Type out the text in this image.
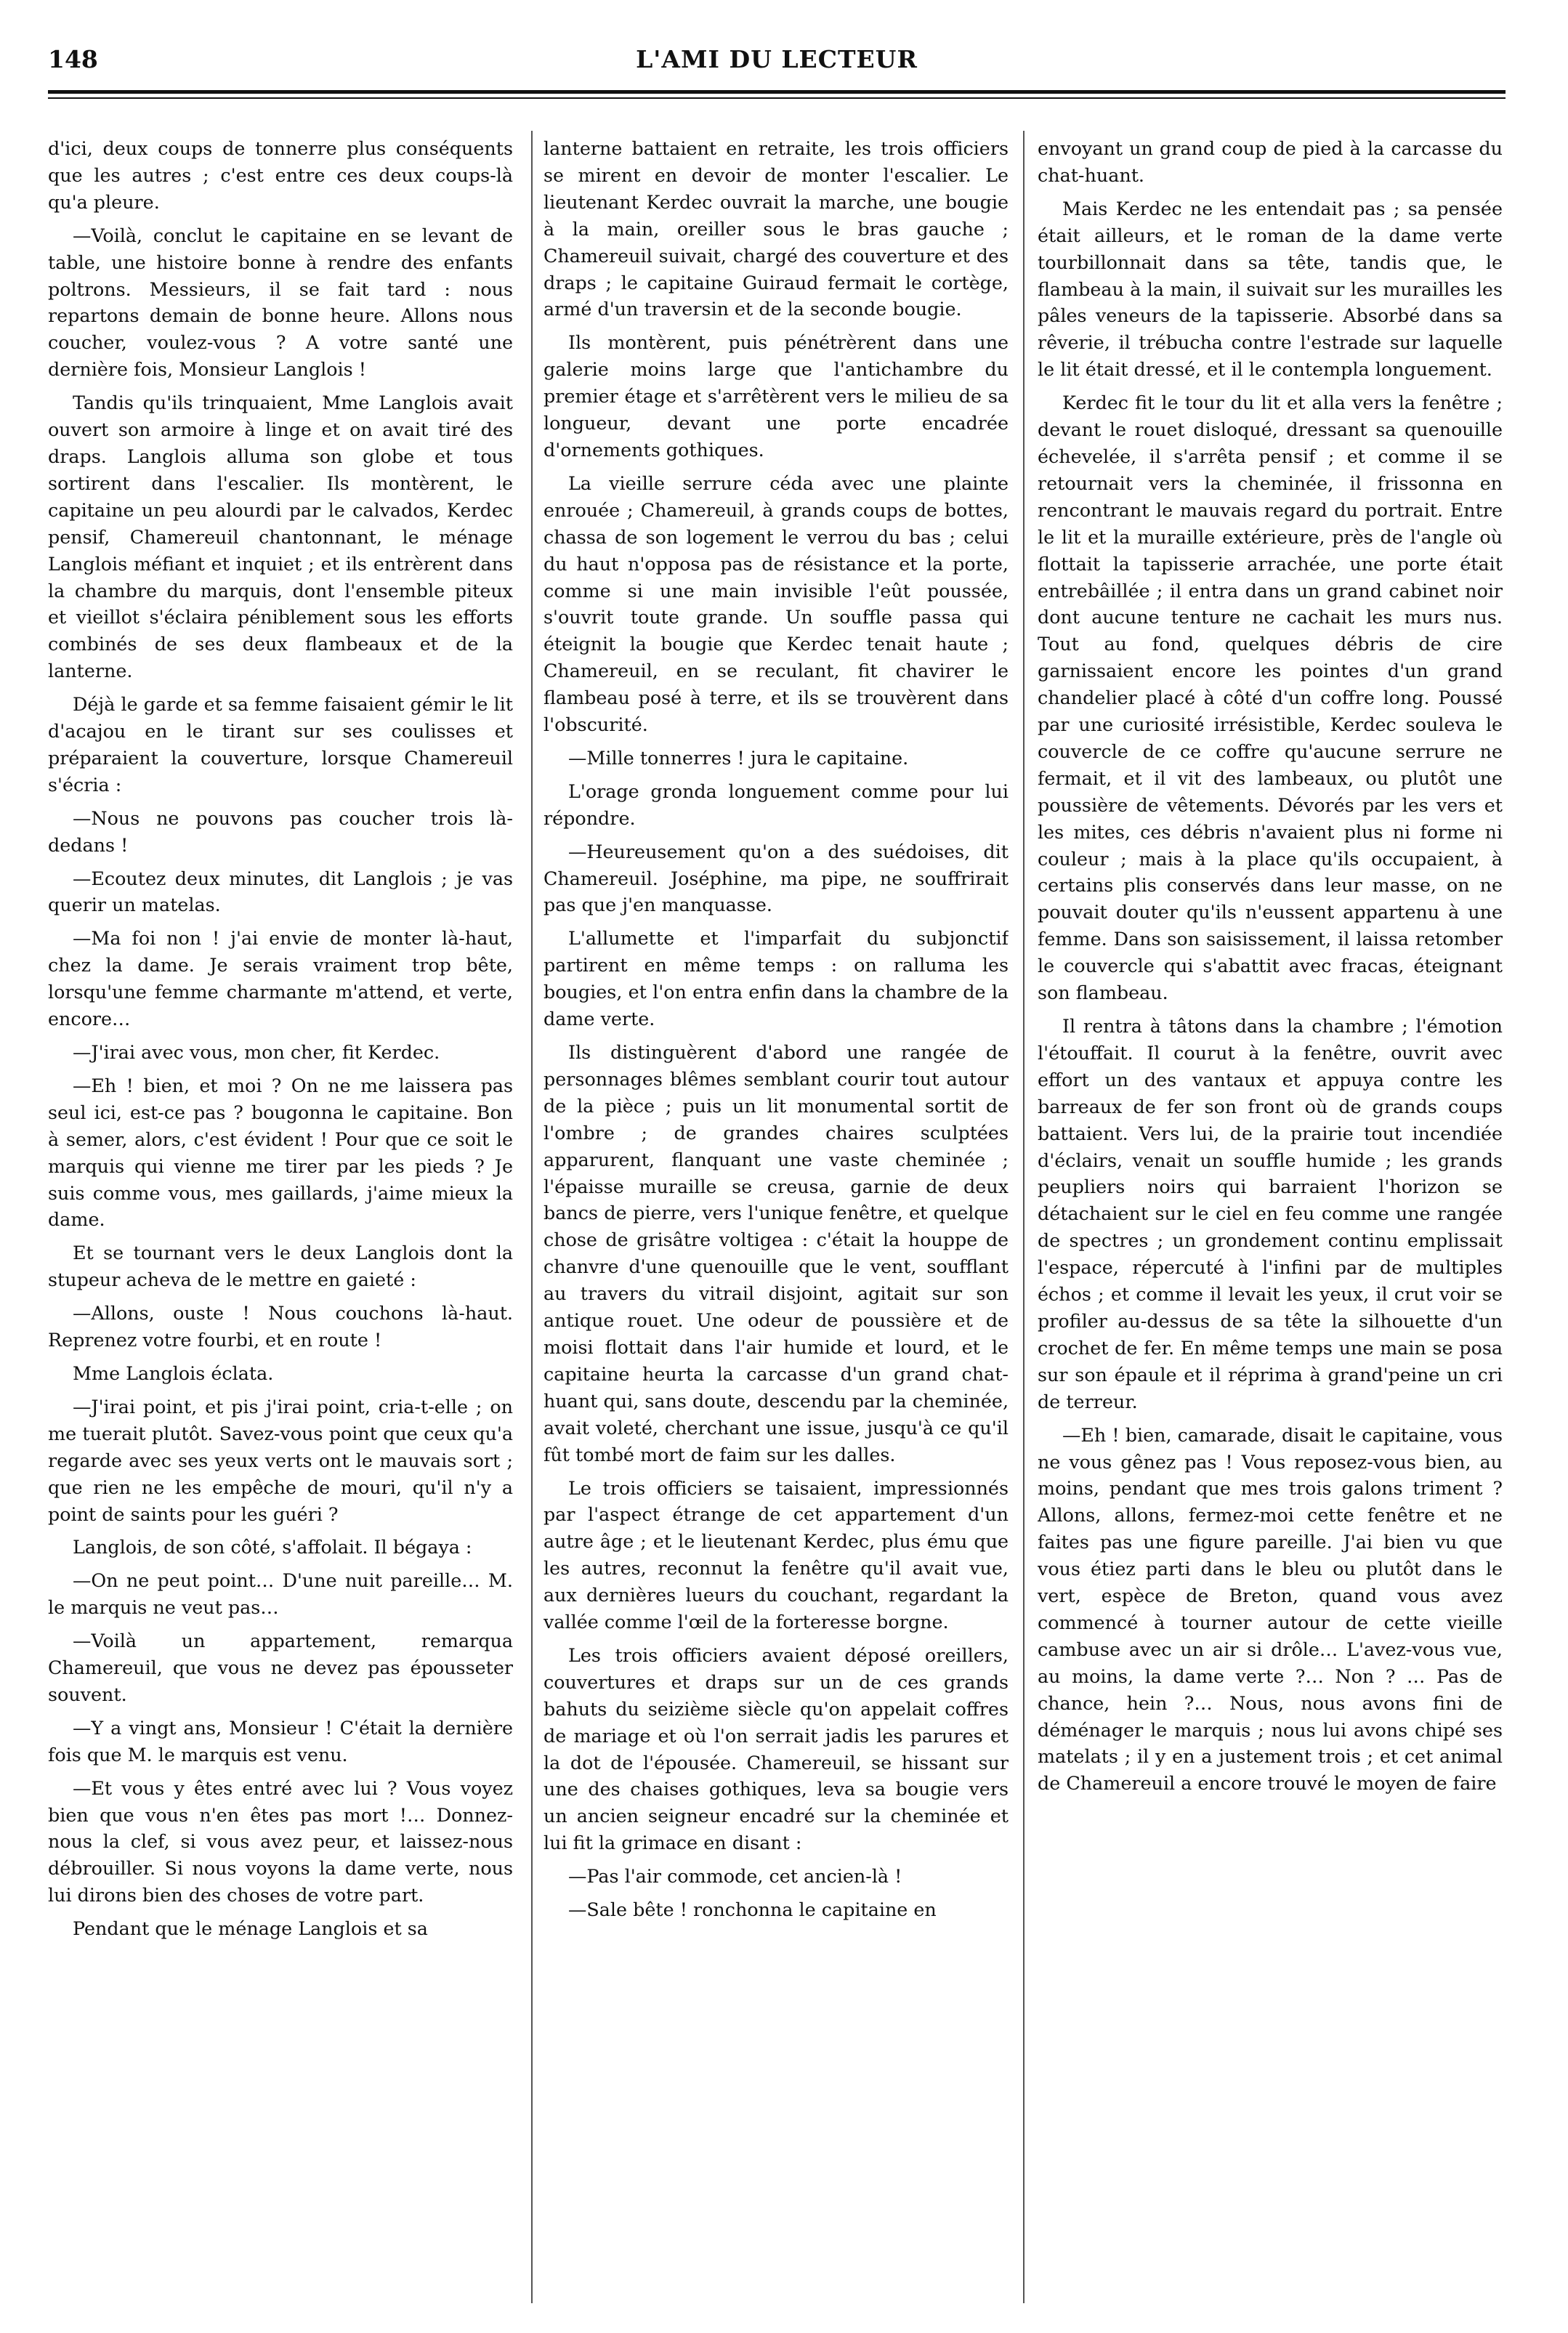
148	L'AMI DU LECTEUR

d'ici, deux coups de tonnerre plus conséquents que les autres ; c'est entre ces deux coups-là qu'a pleure.

—Voilà, conclut le capitaine en se levant de table, une histoire bonne à rendre des enfants poltrons. Messieurs, il se fait tard : nous repartons demain de bonne heure. Allons nous coucher, voulez-vous ? A votre santé une dernière fois, Monsieur Langlois !

Tandis qu'ils trinquaient, Mme Langlois avait ouvert son armoire à linge et on avait tiré des draps. Langlois alluma son globe et tous sortirent dans l'escalier. Ils montèrent, le capitaine un peu alourdi par le calvados, Kerdec pensif, Chamereuil chantonnant, le ménage Langlois méfiant et inquiet ; et ils entrèrent dans la chambre du marquis, dont l'ensemble piteux et vieillot s'éclaira péniblement sous les efforts combinés de ses deux flambeaux et de la lanterne.

Déjà le garde et sa femme faisaient gémir le lit d'acajou en le tirant sur ses coulisses et préparaient la couverture, lorsque Chamereuil s'écria :

—Nous ne pouvons pas coucher trois là-dedans !

—Ecoutez deux minutes, dit Langlois ; je vas querir un matelas.

—Ma foi non ! j'ai envie de monter là-haut, chez la dame. Je serais vraiment trop bête, lorsqu'une femme charmante m'attend, et verte, encore…

—J'irai avec vous, mon cher, fit Kerdec.

—Eh ! bien, et moi ? On ne me laissera pas seul ici, est-ce pas ? bougonna le capitaine. Bon à semer, alors, c'est évident ! Pour que ce soit le marquis qui vienne me tirer par les pieds ? Je suis comme vous, mes gaillards, j'aime mieux la dame.

Et se tournant vers le deux Langlois dont la stupeur acheva de le mettre en gaieté :

—Allons, ouste ! Nous couchons là-haut. Reprenez votre fourbi, et en route !

Mme Langlois éclata.

—J'irai point, et pis j'irai point, cria-t-elle ; on me tuerait plutôt. Savez-vous point que ceux qu'a regarde avec ses yeux verts ont le mauvais sort ; que rien ne les empêche de mouri, qu'il n'y a point de saints pour les guéri ?

Langlois, de son côté, s'affolait. Il bégaya :

—On ne peut point… D'une nuit pareille… M. le marquis ne veut pas…

—Voilà un appartement, remarqua Chamereuil, que vous ne devez pas épousseter souvent.

—Y a vingt ans, Monsieur ! C'était la dernière fois que M. le marquis est venu.

—Et vous y êtes entré avec lui ? Vous voyez bien que vous n'en êtes pas mort !… Donnez-nous la clef, si vous avez peur, et laissez-nous débrouiller. Si nous voyons la dame verte, nous lui dirons bien des choses de votre part.

Pendant que le ménage Langlois et sa

lanterne battaient en retraite, les trois officiers se mirent en devoir de monter l'escalier. Le lieutenant Kerdec ouvrait la marche, une bougie à la main, oreiller sous le bras gauche ; Chamereuil suivait, chargé des couverture et des draps ; le capitaine Guiraud fermait le cortège, armé d'un traversin et de la seconde bougie.

Ils montèrent, puis pénétrèrent dans une galerie moins large que l'antichambre du premier étage et s'arrêtèrent vers le milieu de sa longueur, devant une porte encadrée d'ornements gothiques.

La vieille serrure céda avec une plainte enrouée ; Chamereuil, à grands coups de bottes, chassa de son logement le verrou du bas ; celui du haut n'opposa pas de résistance et la porte, comme si une main invisible l'eût poussée, s'ouvrit toute grande. Un souffle passa qui éteignit la bougie que Kerdec tenait haute ; Chamereuil, en se reculant, fit chavirer le flambeau posé à terre, et ils se trouvèrent dans l'obscurité.

—Mille tonnerres ! jura le capitaine.

L'orage gronda longuement comme pour lui répondre.

—Heureusement qu'on a des suédoises, dit Chamereuil. Joséphine, ma pipe, ne souffrirait pas que j'en manquasse.

L'allumette et l'imparfait du subjonctif partirent en même temps : on ralluma les bougies, et l'on entra enfin dans la chambre de la dame verte.

Ils distinguèrent d'abord une rangée de personnages blêmes semblant courir tout autour de la pièce ; puis un lit monumental sortit de l'ombre ; de grandes chaires sculptées apparurent, flanquant une vaste cheminée ; l'épaisse muraille se creusa, garnie de deux bancs de pierre, vers l'unique fenêtre, et quelque chose de grisâtre voltigea : c'était la houppe de chanvre d'une quenouille que le vent, soufflant au travers du vitrail disjoint, agitait sur son antique rouet. Une odeur de poussière et de moisi flottait dans l'air humide et lourd, et le capitaine heurta la carcasse d'un grand chat-huant qui, sans doute, descendu par la cheminée, avait voleté, cherchant une issue, jusqu'à ce qu'il fût tombé mort de faim sur les dalles.

Le trois officiers se taisaient, impressionnés par l'aspect étrange de cet appartement d'un autre âge ; et le lieutenant Kerdec, plus ému que les autres, reconnut la fenêtre qu'il avait vue, aux dernières lueurs du couchant, regardant la vallée comme l'œil de la forteresse borgne.

Les trois officiers avaient déposé oreillers, couvertures et draps sur un de ces grands bahuts du seizième siècle qu'on appelait coffres de mariage et où l'on serrait jadis les parures et la dot de l'épousée. Chamereuil, se hissant sur une des chaises gothiques, leva sa bougie vers un ancien seigneur encadré sur la cheminée et lui fit la grimace en disant :

—Pas l'air commode, cet ancien-là !

—Sale bête ! ronchonna le capitaine en

envoyant un grand coup de pied à la carcasse du chat-huant.

Mais Kerdec ne les entendait pas ; sa pensée était ailleurs, et le roman de la dame verte tourbillonnait dans sa tête, tandis que, le flambeau à la main, il suivait sur les murailles les pâles veneurs de la tapisserie. Absorbé dans sa rêverie, il trébucha contre l'estrade sur laquelle le lit était dressé, et il le contempla longuement.

Kerdec fit le tour du lit et alla vers la fenêtre ; devant le rouet disloqué, dressant sa quenouille échevelée, il s'arrêta pensif ; et comme il se retournait vers la cheminée, il frissonna en rencontrant le mauvais regard du portrait. Entre le lit et la muraille extérieure, près de l'angle où flottait la tapisserie arrachée, une porte était entrebâillée ; il entra dans un grand cabinet noir dont aucune tenture ne cachait les murs nus. Tout au fond, quelques débris de cire garnissaient encore les pointes d'un grand chandelier placé à côté d'un coffre long. Poussé par une curiosité irrésistible, Kerdec souleva le couvercle de ce coffre qu'aucune serrure ne fermait, et il vit des lambeaux, ou plutôt une poussière de vêtements. Dévorés par les vers et les mites, ces débris n'avaient plus ni forme ni couleur ; mais à la place qu'ils occupaient, à certains plis conservés dans leur masse, on ne pouvait douter qu'ils n'eussent appartenu à une femme. Dans son saisissement, il laissa retomber le couvercle qui s'abattit avec fracas, éteignant son flambeau.

Il rentra à tâtons dans la chambre ; l'émotion l'étouffait. Il courut à la fenêtre, ouvrit avec effort un des vantaux et appuya contre les barreaux de fer son front où de grands coups battaient. Vers lui, de la prairie tout incendiée d'éclairs, venait un souffle humide ; les grands peupliers noirs qui barraient l'horizon se détachaient sur le ciel en feu comme une rangée de spectres ; un grondement continu emplissait l'espace, répercuté à l'infini par de multiples échos ; et comme il levait les yeux, il crut voir se profiler au-dessus de sa tête la silhouette d'un crochet de fer. En même temps une main se posa sur son épaule et il réprima à grand'peine un cri de terreur.

—Eh ! bien, camarade, disait le capitaine, vous ne vous gênez pas ! Vous reposez-vous bien, au moins, pendant que mes trois galons triment ? Allons, allons, fermez-moi cette fenêtre et ne faites pas une figure pareille. J'ai bien vu que vous étiez parti dans le bleu ou plutôt dans le vert, espèce de Breton, quand vous avez commencé à tourner autour de cette vieille cambuse avec un air si drôle… L'avez-vous vue, au moins, la dame verte ?… Non ? … Pas de chance, hein ?… Nous, nous avons fini de déménager le marquis ; nous lui avons chipé ses matelats ; il y en a justement trois ; et cet animal de Chamereuil a encore trouvé le moyen de faire
